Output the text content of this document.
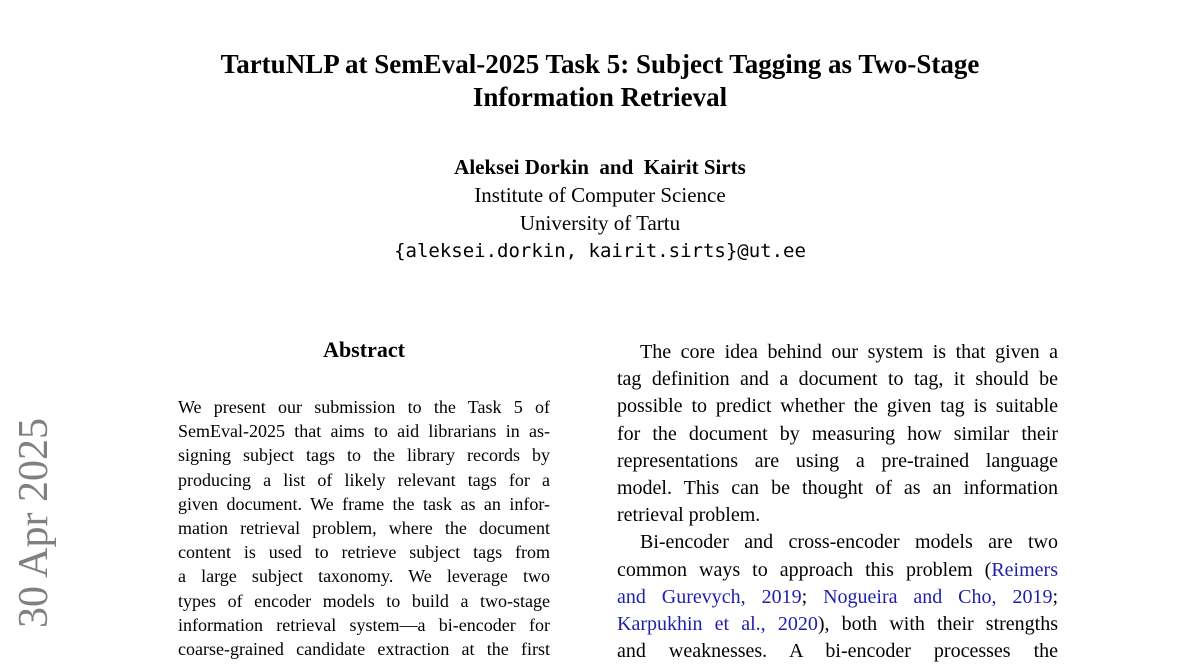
TartuNLP at SemEval-2025 Task 5: Subject Tagging as Two-Stage
Information Retrieval
Aleksei Dorkin  and  Kairit Sirts
Institute of Computer Science
University of Tartu
{aleksei.dorkin, kairit.sirts}@ut.ee
30 Apr 2025
Abstract
We present our submission to the Task 5 of
SemEval-2025 that aims to aid librarians in as-
signing subject tags to the library records by
producing a list of likely relevant tags for a
given document. We frame the task as an infor-
mation retrieval problem, where the document
content is used to retrieve subject tags from
a large subject taxonomy. We leverage two
types of encoder models to build a two-stage
information retrieval system—a bi-encoder for
coarse-grained candidate extraction at the first
The core idea behind our system is that given a
tag definition and a document to tag, it should be
possible to predict whether the given tag is suitable
for the document by measuring how similar their
representations are using a pre-trained language
model. This can be thought of as an information
retrieval problem.
Bi-encoder and cross-encoder models are two
common ways to approach this problem (Reimers
and Gurevych, 2019; Nogueira and Cho, 2019;
Karpukhin et al., 2020), both with their strengths
and weaknesses. A bi-encoder processes the
